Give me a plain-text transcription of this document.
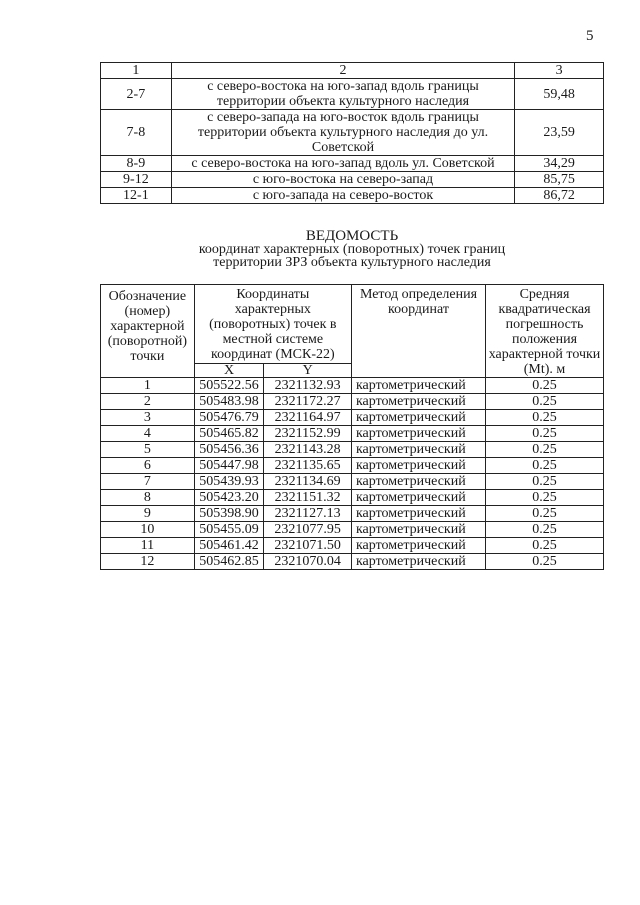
5
1	2	3
2-7	с северо-востока на юго-запад вдоль границы территории объекта культурного наследия	59,48
7-8	с северо-запада на юго-восток вдоль границы территории объекта культурного наследия до ул. Советской	23,59
8-9	с северо-востока на юго-запад вдоль ул. Советской	34,29
9-12	с юго-востока на северо-запад	85,75
12-1	с юго-запада на северо-восток	86,72
ВЕДОМОСТЬ
координат характерных (поворотных) точек границ
территории ЗРЗ объекта культурного наследия
Обозначение (номер) характерной (поворотной) точки	Координаты характерных (поворотных) точек в местной системе координат (МСК-22)		Метод определения координат	Средняя квадратическая погрешность положения характерной точки (Mt). м
	X	Y		
1	505522.56	2321132.93	картометрический	0.25
2	505483.98	2321172.27	картометрический	0.25
3	505476.79	2321164.97	картометрический	0.25
4	505465.82	2321152.99	картометрический	0.25
5	505456.36	2321143.28	картометрический	0.25
6	505447.98	2321135.65	картометрический	0.25
7	505439.93	2321134.69	картометрический	0.25
8	505423.20	2321151.32	картометрический	0.25
9	505398.90	2321127.13	картометрический	0.25
10	505455.09	2321077.95	картометрический	0.25
11	505461.42	2321071.50	картометрический	0.25
12	505462.85	2321070.04	картометрический	0.25
